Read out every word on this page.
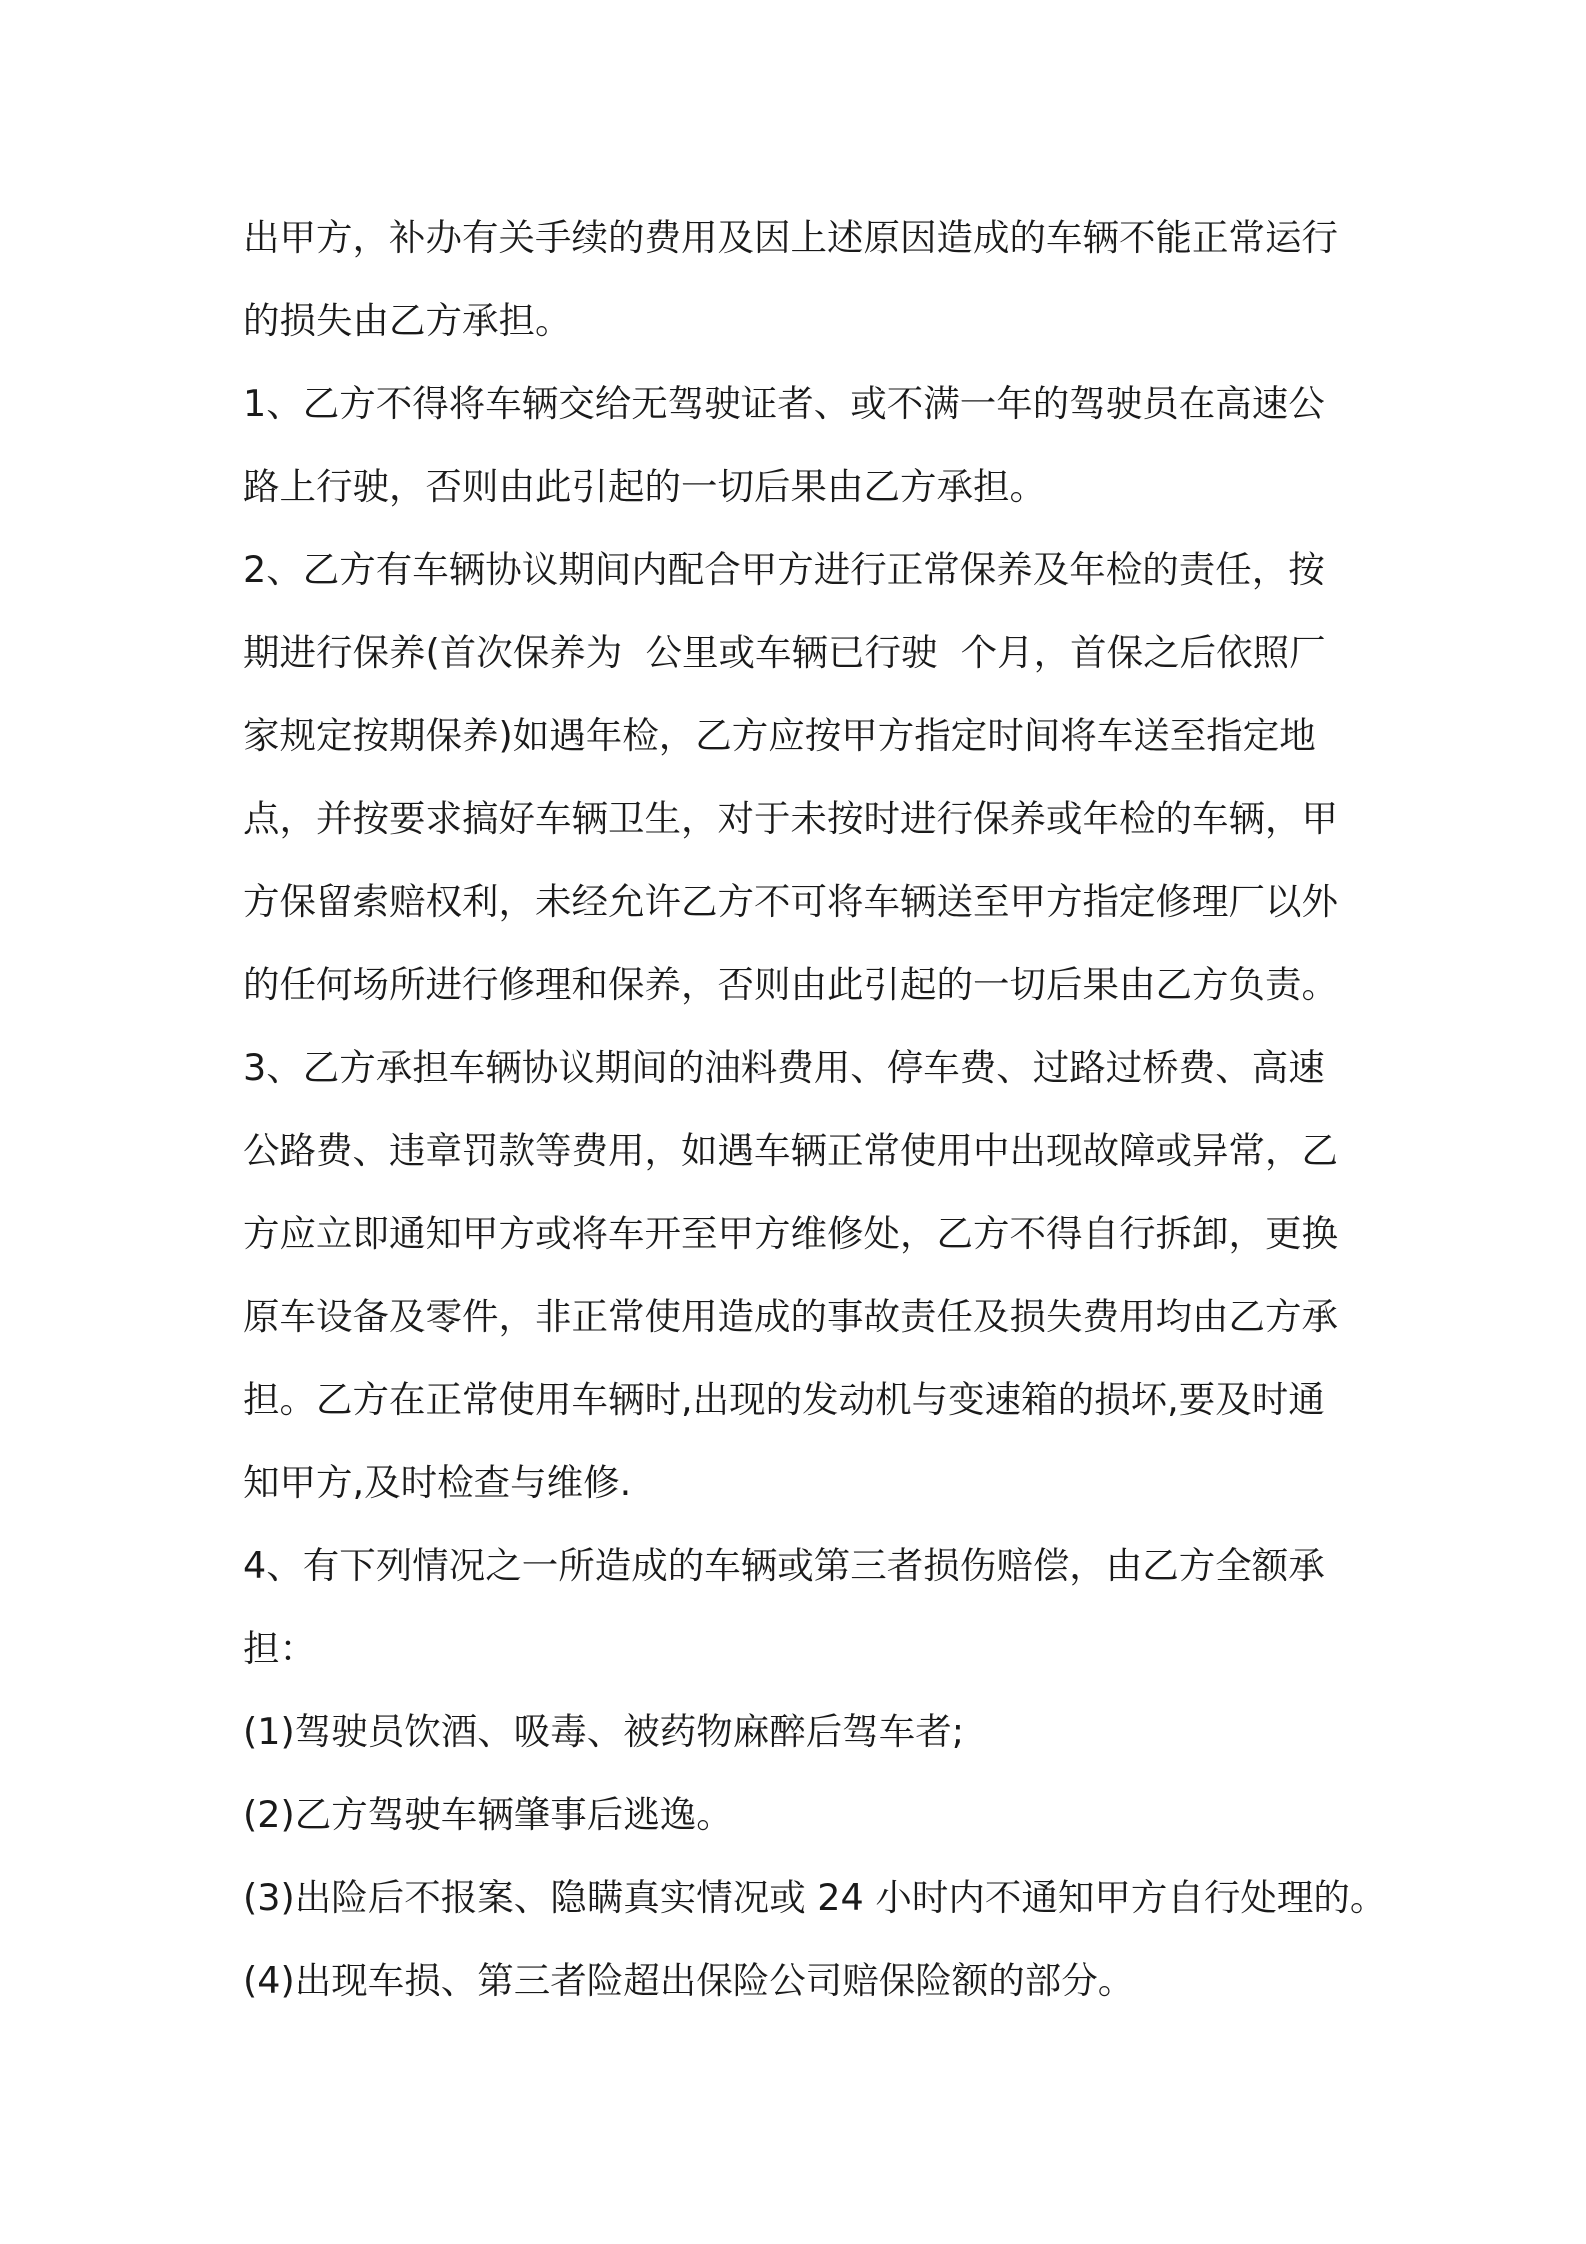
出甲方，补办有关手续的费用及因上述原因造成的车辆不能正常运行
的损失由乙方承担。
1、乙方不得将车辆交给无驾驶证者、或不满一年的驾驶员在高速公
路上行驶，否则由此引起的一切后果由乙方承担。
2、乙方有车辆协议期间内配合甲方进行正常保养及年检的责任，按
期进行保养(首次保养为  公里或车辆已行驶  个月，首保之后依照厂
家规定按期保养)如遇年检，乙方应按甲方指定时间将车送至指定地
点，并按要求搞好车辆卫生，对于未按时进行保养或年检的车辆，甲
方保留索赔权利，未经允许乙方不可将车辆送至甲方指定修理厂以外
的任何场所进行修理和保养，否则由此引起的一切后果由乙方负责。
3、乙方承担车辆协议期间的油料费用、停车费、过路过桥费、高速
公路费、违章罚款等费用，如遇车辆正常使用中出现故障或异常，乙
方应立即通知甲方或将车开至甲方维修处，乙方不得自行拆卸，更换
原车设备及零件，非正常使用造成的事故责任及损失费用均由乙方承
担。乙方在正常使用车辆时,出现的发动机与变速箱的损坏,要及时通
知甲方,及时检查与维修.
4、有下列情况之一所造成的车辆或第三者损伤赔偿，由乙方全额承
担：
(1)驾驶员饮酒、吸毒、被药物麻醉后驾车者;
(2)乙方驾驶车辆肇事后逃逸。
(3)出险后不报案、隐瞒真实情况或 24 小时内不通知甲方自行处理的。
(4)出现车损、第三者险超出保险公司赔保险额的部分。
